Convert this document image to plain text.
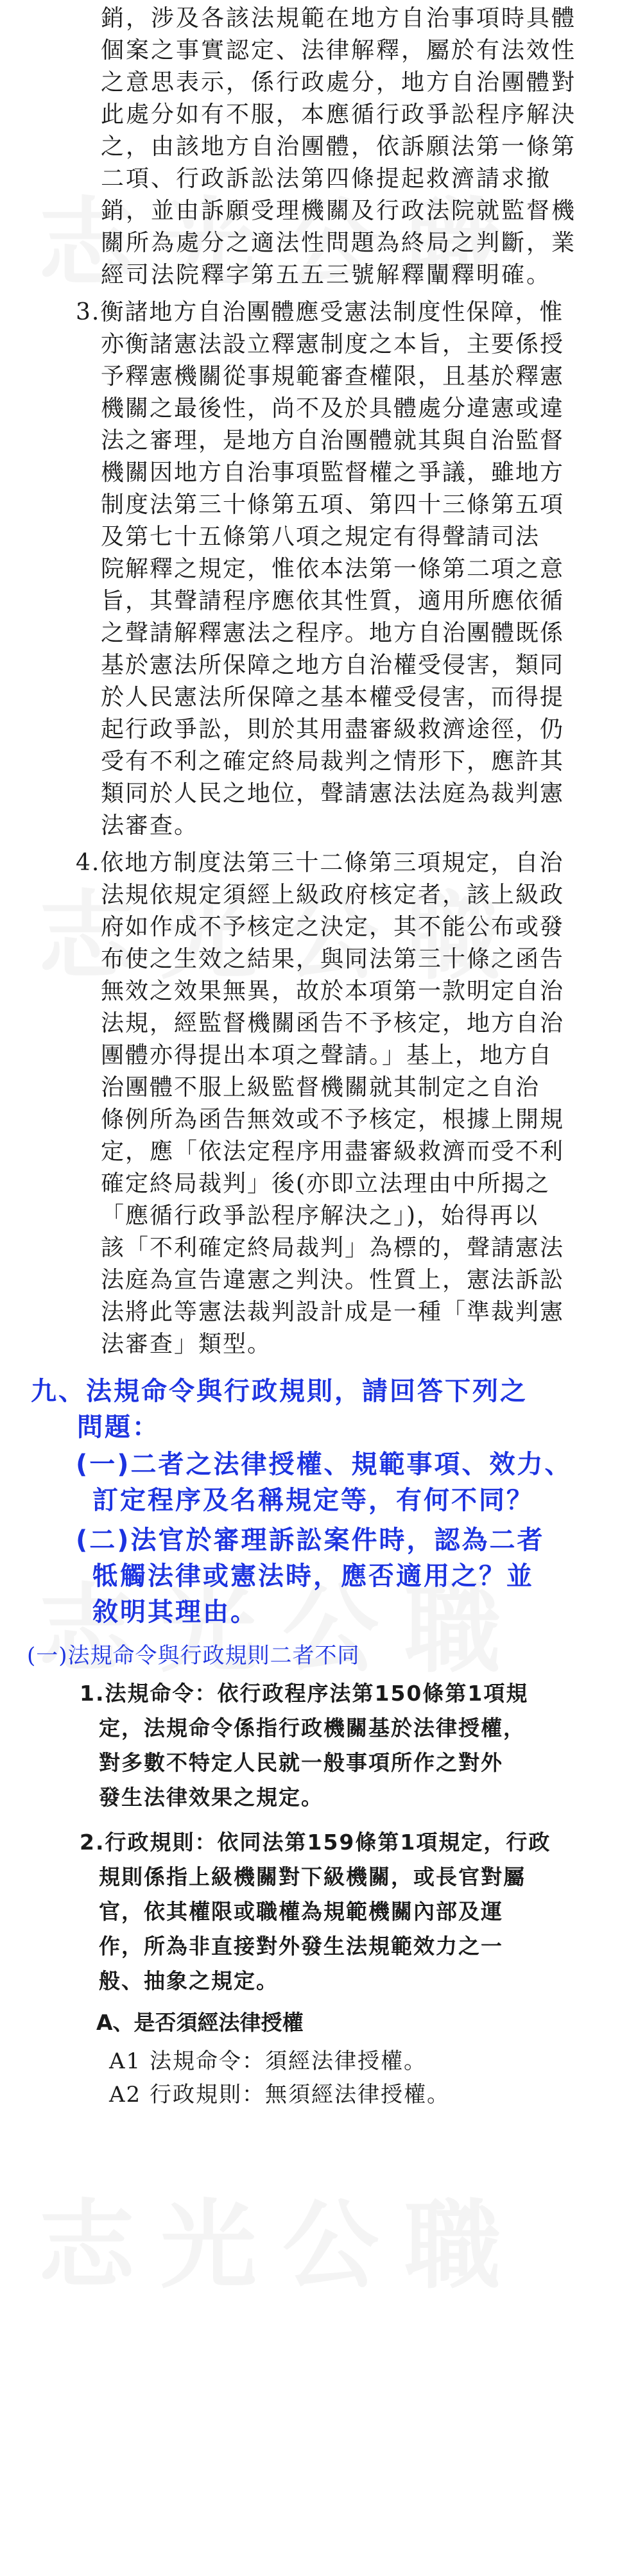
銷，涉及各該法規範在地方自治事項時具體
個案之事實認定、法律解釋，屬於有法效性
之意思表示，係行政處分，地方自治團體對
此處分如有不服，本應循行政爭訟程序解決
之，由該地方自治團體，依訴願法第一條第
二項、行政訴訟法第四條提起救濟請求撤
銷，並由訴願受理機關及行政法院就監督機
關所為處分之適法性問題為終局之判斷，業
經司法院釋字第五五三號解釋闡釋明確。
3.衡諸地方自治團體應受憲法制度性保障，惟
亦衡諸憲法設立釋憲制度之本旨，主要係授
予釋憲機關從事規範審查權限，且基於釋憲
機關之最後性，尚不及於具體處分違憲或違
法之審理，是地方自治團體就其與自治監督
機關因地方自治事項監督權之爭議，雖地方
制度法第三十條第五項、第四十三條第五項
及第七十五條第八項之規定有得聲請司法
院解釋之規定，惟依本法第一條第二項之意
旨，其聲請程序應依其性質，適用所應依循
之聲請解釋憲法之程序。地方自治團體既係
基於憲法所保障之地方自治權受侵害，類同
於人民憲法所保障之基本權受侵害，而得提
起行政爭訟，則於其用盡審級救濟途徑，仍
受有不利之確定終局裁判之情形下，應許其
類同於人民之地位，聲請憲法法庭為裁判憲
法審查。
4.依地方制度法第三十二條第三項規定，自治
法規依規定須經上級政府核定者，該上級政
府如作成不予核定之決定，其不能公布或發
布使之生效之結果，與同法第三十條之函告
無效之效果無異，故於本項第一款明定自治
法規，經監督機關函告不予核定，地方自治
團體亦得提出本項之聲請。」基上，地方自
治團體不服上級監督機關就其制定之自治
條例所為函告無效或不予核定，根據上開規
定，應「依法定程序用盡審級救濟而受不利
確定終局裁判」後(亦即立法理由中所揭之
「應循行政爭訟程序解決之」)，始得再以
該「不利確定終局裁判」為標的，聲請憲法
法庭為宣告違憲之判決。性質上，憲法訴訟
法將此等憲法裁判設計成是一種「準裁判憲
法審查」類型。
九、法規命令與行政規則，請回答下列之
問題：
(一)二者之法律授權、規範事項、效力、
訂定程序及名稱規定等，有何不同？
(二)法官於審理訴訟案件時，認為二者
牴觸法律或憲法時，應否適用之？並
敘明其理由。
(一)法規命令與行政規則二者不同
1.法規命令：依行政程序法第150條第1項規
定，法規命令係指行政機關基於法律授權，
對多數不特定人民就一般事項所作之對外
發生法律效果之規定。
2.行政規則：依同法第159條第1項規定，行政
規則係指上級機關對下級機關，或長官對屬
官，依其權限或職權為規範機關內部及運
作，所為非直接對外發生法規範效力之一
般、抽象之規定。
A、是否須經法律授權
A1 法規命令：須經法律授權。
A2 行政規則：無須經法律授權。
